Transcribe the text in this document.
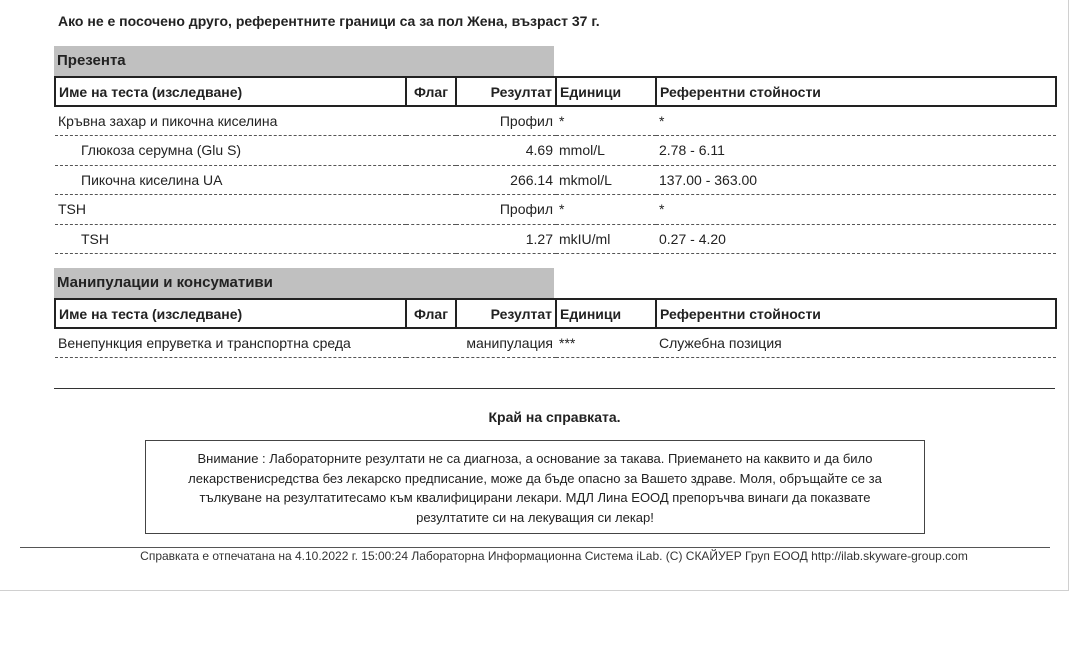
Ако не е посочено друго, референтните граници са за пол Жена, възраст 37 г.
Презента
Име на теста (изследване)	Флаг	Резултат	Единици	Референтни стойности
Кръвна захар и пикочна киселина		Профил	*	*
Глюкоза серумна (Glu S)		4.69	mmol/L	2.78 - 6.11
Пикочна киселина UA		266.14	mkmol/L	137.00 - 363.00
TSH		Профил	*	*
TSH		1.27	mkIU/ml	0.27 - 4.20
Манипулации и консумативи
Име на теста (изследване)	Флаг	Резултат	Единици	Референтни стойности
Венепункция епруветка и транспортна среда		манипулация	***	Служебна позиция
Край на справката.
Внимание : Лабораторните резултати не са диагноза, а основание за такава. Приемането на каквито и да било лекарственисредства без лекарско предписание, може да бъде опасно за Вашето здраве. Моля, обръщайте се за тълкуване на резултатитесамо към квалифицирани лекари. МДЛ Лина ЕООД препоръчва винаги да показвате резултатите си на лекуващия си лекар!
Справката е отпечатана на 4.10.2022 г. 15:00:24 Лабораторна Информационна Система iLab. (С) СКАЙУЕР Груп ЕООД http://ilab.skyware-group.com
